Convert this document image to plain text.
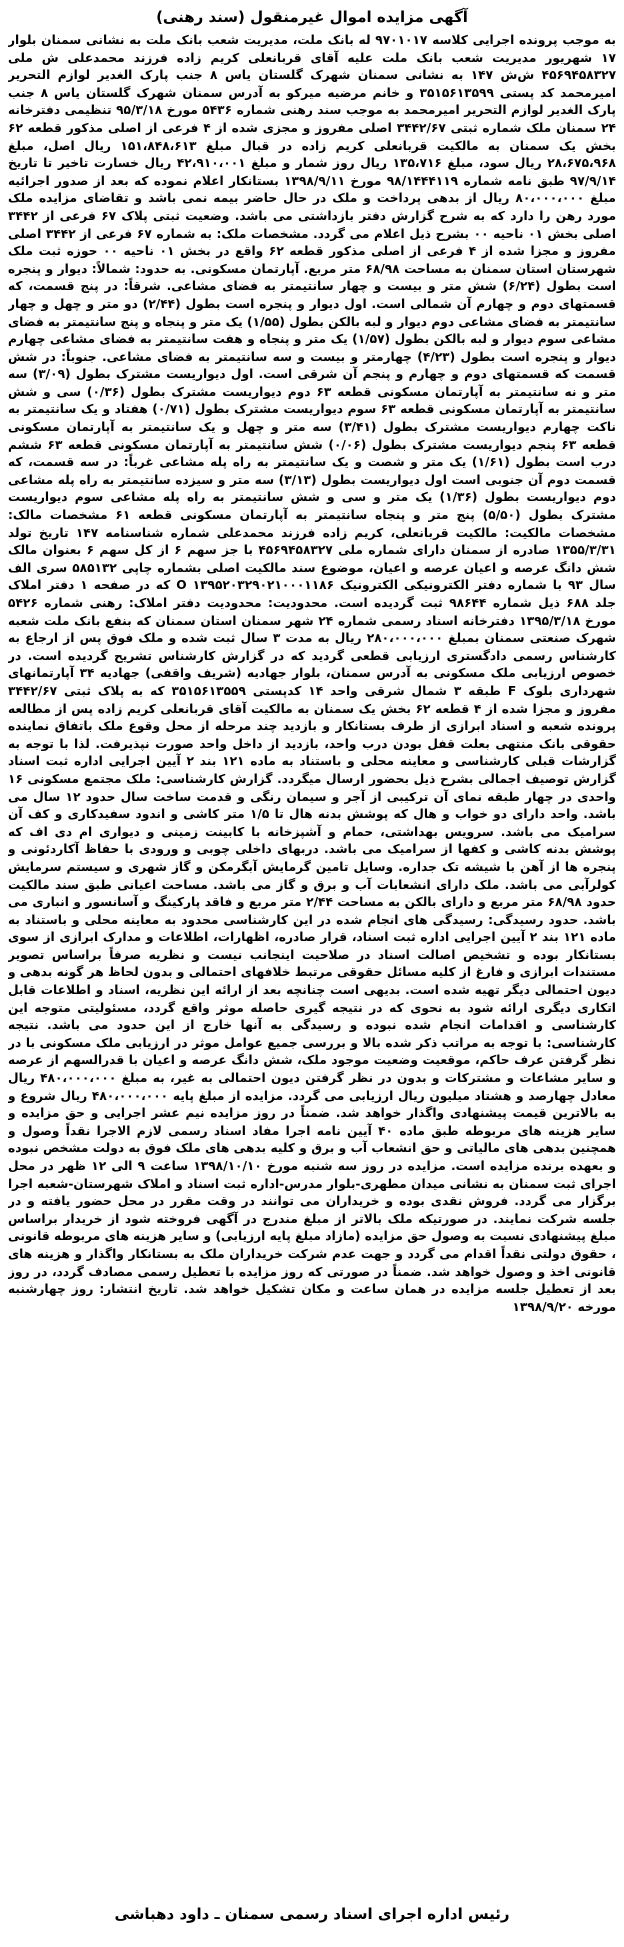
آگهی مزایده اموال غیرمنقول (سند رهنی)
به موجب پرونده اجرایی کلاسه ۹۷۰۱۰۱۷ له بانک ملت، مدیریت شعب بانک ملت به نشانی سمنان بلوار ۱۷ شهریور مدیریت شعب بانک ملت علیه آقای قربانعلی کریم زاده فرزند محمدعلی ش ملی ۴۵۶۹۴۵۸۳۲۷ ش‌ش ۱۴۷ به نشانی سمنان شهرک گلستان یاس ۸ جنب پارک الغدیر لوازم التحریر امیرمحمد کد پستی ۳۵۱۵۶۱۳۵۹۹ و خانم مرضیه میرکو به آدرس سمنان شهرک گلستان یاس ۸ جنب پارک الغدیر لوازم التحریر امیرمحمد به موجب سند رهنی شماره ۵۴۳۶ مورخ ۹۵/۳/۱۸ تنظیمی دفترخانه ۲۴ سمنان ملک شماره ثبتی ۳۴۴۲/۶۷ اصلی مفروز و مجزی شده از ۴ فرعی از اصلی مذکور قطعه ۶۲ بخش یک سمنان به مالکیت قربانعلی کریم زاده در قبال مبلغ ۱۵۱،۸۴۸،۶۱۳ ریال اصل، مبلغ ۲۸،۶۷۵،۹۶۸ ریال سود، مبلغ ۱۳۵،۷۱۶ ریال روز شمار و مبلغ ۴۲،۹۱۰،۰۰۱ ریال خسارت تاخیر تا تاریخ ۹۷/۹/۱۴ طبق نامه شماره ۹۸/۱۴۴۴۱۱۹ مورخ ۱۳۹۸/۹/۱۱ بستانکار اعلام نموده که بعد از صدور اجرائیه مبلغ ۸۰،۰۰۰،۰۰۰ ریال از بدهی پرداخت و ملک در حال حاضر بیمه نمی باشد و تقاضای مزایده ملک مورد رهن را دارد که به شرح گزارش دفتر بازداشتی می باشد. وضعیت ثبتی پلاک ۶۷ فرعی از ۳۴۴۲ اصلی بخش ۰۱ ناحیه ۰۰ بشرح ذیل اعلام می گردد. مشخصات ملک: به شماره ۶۷ فرعی از ۳۴۴۲ اصلی مفروز و مجزا شده از ۴ فرعی از اصلی مذکور قطعه ۶۲ واقع در بخش ۰۱ ناحیه ۰۰ حوزه ثبت ملک شهرستان استان سمنان به مساحت ۶۸/۹۸ متر مربع. آپارتمان مسکونی. به حدود: شمالاً: دیوار و پنجره است بطول (۶/۲۴) شش متر و بیست و چهار سانتیمتر به فضای مشاعی. شرقاً: در پنج قسمت، که قسمتهای دوم و چهارم آن شمالی است. اول دیوار و پنجره است بطول (۲/۴۴) دو متر و چهل و چهار سانتیمتر به فضای مشاعی دوم دیوار و لبه بالکن بطول (۱/۵۵) یک متر و پنجاه و پنج سانتیمتر به فضای مشاعی سوم دیوار و لبه بالکن بطول (۱/۵۷) یک متر و پنجاه و هفت سانتیمتر به فضای مشاعی چهارم دیوار و پنجره است بطول (۴/۲۳) چهارمتر و بیست و سه سانتیمتر به فضای مشاعی. جنوباً: در شش قسمت که قسمتهای دوم و چهارم و پنجم آن شرقی است. اول دیواریست مشترک بطول (۳/۰۹) سه متر و نه سانتیمتر به آپارتمان مسکونی قطعه ۶۳ دوم دیواریست مشترک بطول (۰/۳۶) سی و شش سانتیمتر به آپارتمان مسکونی قطعه ۶۳ سوم دیواریست مشترک بطول (۰/۷۱) هفتاد و یک سانتیمتر به ناکت چهارم دیواریست مشترک بطول (۳/۴۱) سه متر و چهل و یک سانتیمتر به آپارتمان مسکونی قطعه ۶۳ پنجم دیواریست مشترک بطول (۰/۰۶) شش سانتیمتر به آپارتمان مسکونی قطعه ۶۳ ششم درب است بطول (۱/۶۱) یک متر و شصت و یک سانتیمتر به راه پله مشاعی غرباً: در سه قسمت، که قسمت دوم آن جنوبی است اول دیواریست بطول (۳/۱۳) سه متر و سیزده سانتیمتر به راه پله مشاعی دوم دیواریست بطول (۱/۳۶) یک متر و سی و شش سانتیمتر به راه پله مشاعی سوم دیواریست مشترک بطول (۵/۵۰) پنج متر و پنجاه سانتیمتر به آپارتمان مسکونی قطعه ۶۱ مشخصات مالک: مشخصات مالکیت: مالکیت قربانعلی، کریم زاده فرزند محمدعلی شماره شناسنامه ۱۴۷ تاریخ تولد ۱۳۵۵/۳/۳۱ صادره از سمنان دارای شماره ملی ۴۵۶۹۴۵۸۳۲۷ با جز سهم ۶ از کل سهم ۶ بعنوان مالک شش دانگ عرصه و اعیان عرصه و اعیان، موضوع سند مالکیت اصلی بشماره چاپی ۵۸۵۱۳۲ سری الف سال ۹۳ با شماره دفتر الکترونیکی الکترونیک ۱۳۹۵۲۰۳۲۹۰۲۱۰۰۰۱۱۸۶ O که در صفحه ۱ دفتر املاک جلد ۶۸۸ ذیل شماره ۹۸۶۴۴ ثبت گردیده است. محدودیت: محدودیت دفتر املاک: رهنی شماره ۵۴۲۶ مورخ ۱۳۹۵/۳/۱۸ دفترخانه اسناد رسمی شماره ۲۴ شهر سمنان استان سمنان که بنفع بانک ملت شعبه شهرک صنعتی سمنان بمبلغ ۲۸۰،۰۰۰،۰۰۰ ریال به مدت ۳ سال ثبت شده و ملک فوق پس از ارجاع به کارشناس رسمی دادگستری ارزیابی قطعی گردید که در گزارش کارشناس تشریح گردیده است. در خصوص ارزیابی ملک مسکونی به آدرس سمنان، بلوار جهادیه (شریف واقفی) جهادیه ۳۴ آپارتمانهای شهرداری بلوک F طبقه ۳ شمال شرقی واحد ۱۴ کدپستی ۳۵۱۵۶۱۳۵۵۹ که به پلاک ثبتی ۳۴۴۲/۶۷ مفروز و مجزا شده از ۴ قطعه ۶۲ بخش یک سمنان به مالکیت آقای قربانعلی کریم زاده پس از مطالعه پرونده شعبه و اسناد ابرازی از طرف بستانکار و بازدید چند مرحله از محل وقوع ملک باتفاق نماینده حقوقی بانک منتهی بعلت قفل بودن درب واحد، بازدید از داخل واحد صورت نپذیرفت. لذا با توجه به گزارشات قبلی کارشناسی و معاینه محلی و باستناد به ماده ۱۲۱ بند ۲ آیین اجرایی اداره ثبت اسناد گزارش توصیف اجمالی بشرح ذیل بحضور ارسال میگردد. گزارش کارشناسی: ملک مجتمع مسکونی ۱۶ واحدی در چهار طبقه نمای آن ترکیبی از آجر و سیمان رنگی و قدمت ساخت سال حدود ۱۲ سال می باشد. واحد دارای دو خواب و هال که پوشش بدنه هال تا ۱/۵ متر کاشی و اندود سفیدکاری و کف آن سرامیک می باشد. سرویس بهداشتی، حمام و آشپزخانه با کابینت زمینی و دیواری ام دی اف که پوشش بدنه کاشی و کفها از سرامیک می باشد. دربهای داخلی چوبی و ورودی با حفاظ آکاردئونی و پنجره ها از آهن با شیشه تک جداره. وسایل تامین گرمایش آبگرمکن و گاز شهری و سیستم سرمایش کولرآبی می باشد. ملک دارای انشعابات آب و برق و گاز می باشد. مساحت اعیانی طبق سند مالکیت حدود ۶۸/۹۸ متر مربع و دارای بالکن به مساحت ۲/۴۴ متر مربع و فاقد پارکینگ و آسانسور و انباری می باشد. حدود رسیدگی: رسیدگی های انجام شده در این کارشناسی محدود به معاینه محلی و باستناد به ماده ۱۲۱ بند ۲ آیین اجرایی اداره ثبت اسناد، قرار صادره، اظهارات، اطلاعات و مدارک ابرازی از سوی بستانکار بوده و تشخیص اصالت اسناد در صلاحیت اینجانب نیست و نظریه صرفاً براساس تصویر مستندات ابرازی و فارغ از کلیه مسائل حقوقی مرتبط خلافهای احتمالی و بدون لحاظ هر گونه بدهی و دیون احتمالی دیگر تهیه شده است. بدیهی است چنانچه بعد از ارائه این نظریه، اسناد و اطلاعات قابل اتکاری دیگری ارائه شود به نحوی که در نتیجه گیری حاصله موثر واقع گردد، مسئولیتی متوجه این کارشناسی و اقدامات انجام شده نبوده و رسیدگی به آنها خارج از این حدود می باشد. نتیجه کارشناسی: با توجه به مراتب ذکر شده بالا و بررسی جمیع عوامل موثر در ارزیابی ملک مسکونی با در نظر گرفتن عرف حاکم، موقعیت وضعیت موجود ملک، شش دانگ عرصه و اعیان با قدرالسهم از عرصه و سایر مشاعات و مشترکات و بدون در نظر گرفتن دیون احتمالی به غیر، به مبلغ ۴۸۰،۰۰۰،۰۰۰ ریال معادل چهارصد و هشتاد میلیون ریال ارزیابی می گردد. مزایده از مبلغ پایه ۴۸۰،۰۰۰،۰۰۰ ریال شروع و به بالاترین قیمت پیشنهادی واگذار خواهد شد. ضمناً در روز مزایده نیم عشر اجرایی و حق مزایده و سایر هزینه های مربوطه طبق ماده ۴۰ آیین نامه اجرا مفاد اسناد رسمی لازم الاجرا نقداً وصول و همچنین بدهی های مالیاتی و حق انشعاب آب و برق و کلیه بدهی های ملک فوق به دولت مشخص نبوده و بعهده برنده مزایده است. مزایده در روز سه شنبه مورخ ۱۳۹۸/۱۰/۱۰ ساعت ۹ الی ۱۲ ظهر در محل اجرای ثبت سمنان به نشانی میدان مطهری-بلوار مدرس-اداره ثبت اسناد و املاک شهرستان-شعبه اجرا برگزار می گردد. فروش نقدی بوده و خریداران می توانند در وقت مقرر در محل حضور یافته و در جلسه شرکت نمایند. در صورتیکه ملک بالاتر از مبلغ مندرج در آگهی فروخته شود از خریدار براساس مبلغ پیشنهادی نسبت به وصول حق مزایده (مازاد مبلغ پایه ارزیابی) و سایر هزینه های مربوطه قانونی ، حقوق دولتی نقداً اقدام می گردد و جهت عدم شرکت خریداران ملک به بستانکار واگذار و هزینه های قانونی اخذ و وصول خواهد شد. ضمناً در صورتی که روز مزایده با تعطیل رسمی مصادف گردد، در روز بعد از تعطیل جلسه مزایده در همان ساعت و مکان تشکیل خواهد شد. تاریخ انتشار: روز چهارشنبه مورخه ۱۳۹۸/۹/۲۰
رئیس اداره اجرای اسناد رسمی سمنان ـ داود دهباشی
